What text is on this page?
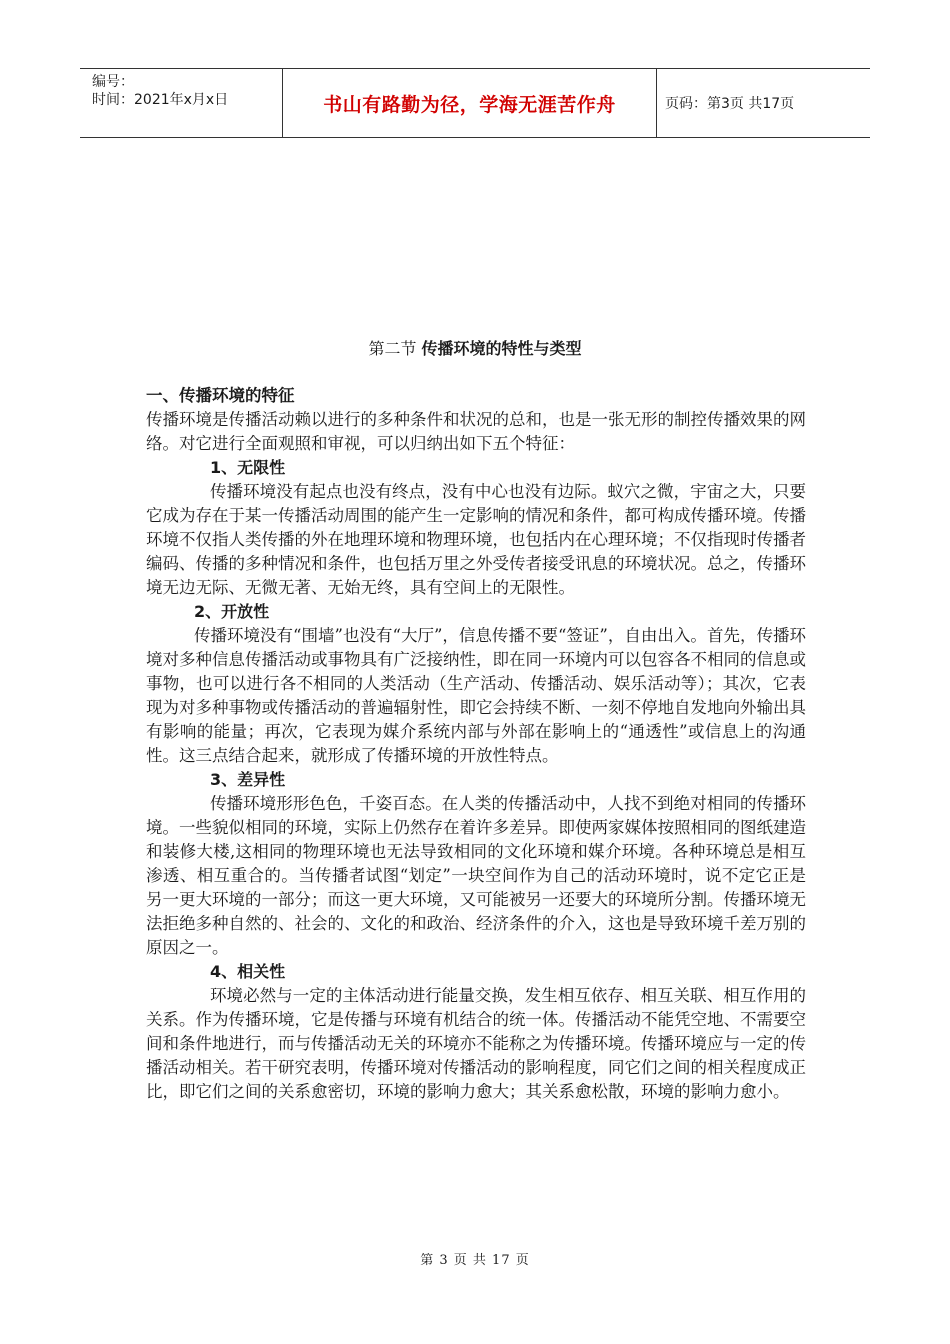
编号：
时间：2021年x月x日	书山有路勤为径，学海无涯苦作舟	页码：第3页 共17页
第二节 传播环境的特性与类型
一、传播环境的特征

传播环境是传播活动赖以进行的多种条件和状况的总和，也是一张无形的制控传播效果的网络。对它进行全面观照和审视，可以归纳出如下五个特征：

1、无限性

传播环境没有起点也没有终点，没有中心也没有边际。蚁穴之微，宇宙之大，只要它成为存在于某一传播活动周围的能产生一定影响的情况和条件，都可构成传播环境。传播环境不仅指人类传播的外在地理环境和物理环境，也包括内在心理环境；不仅指现时传播者编码、传播的多种情况和条件，也包括万里之外受传者接受讯息的环境状况。总之，传播环境无边无际、无微无著、无始无终，具有空间上的无限性。

2、开放性

传播环境没有“围墙”也没有“大厅”，信息传播不要“签证”，自由出入。首先，传播环境对多种信息传播活动或事物具有广泛接纳性，即在同一环境内可以包容各不相同的信息或事物，也可以进行各不相同的人类活动（生产活动、传播活动、娱乐活动等）；其次，它表现为对多种事物或传播活动的普遍辐射性，即它会持续不断、一刻不停地自发地向外输出具有影响的能量；再次，它表现为媒介系统内部与外部在影响上的“通透性”或信息上的沟通性。这三点结合起来，就形成了传播环境的开放性特点。

3、差异性

传播环境形形色色，千姿百态。在人类的传播活动中，人找不到绝对相同的传播环境。一些貌似相同的环境，实际上仍然存在着许多差异。即使两家媒体按照相同的图纸建造和装修大楼,这相同的物理环境也无法导致相同的文化环境和媒介环境。各种环境总是相互渗透、相互重合的。当传播者试图“划定”一块空间作为自己的活动环境时，说不定它正是另一更大环境的一部分；而这一更大环境，又可能被另一还要大的环境所分割。传播环境无法拒绝多种自然的、社会的、文化的和政治、经济条件的介入，这也是导致环境千差万别的原因之一。

4、相关性

环境必然与一定的主体活动进行能量交换，发生相互依存、相互关联、相互作用的关系。作为传播环境，它是传播与环境有机结合的统一体。传播活动不能凭空地、不需要空间和条件地进行，而与传播活动无关的环境亦不能称之为传播环境。传播环境应与一定的传播活动相关。若干研究表明，传播环境对传播活动的影响程度，同它们之间的相关程度成正比，即它们之间的关系愈密切，环境的影响力愈大；其关系愈松散，环境的影响力愈小。

第 3 页 共 17 页
